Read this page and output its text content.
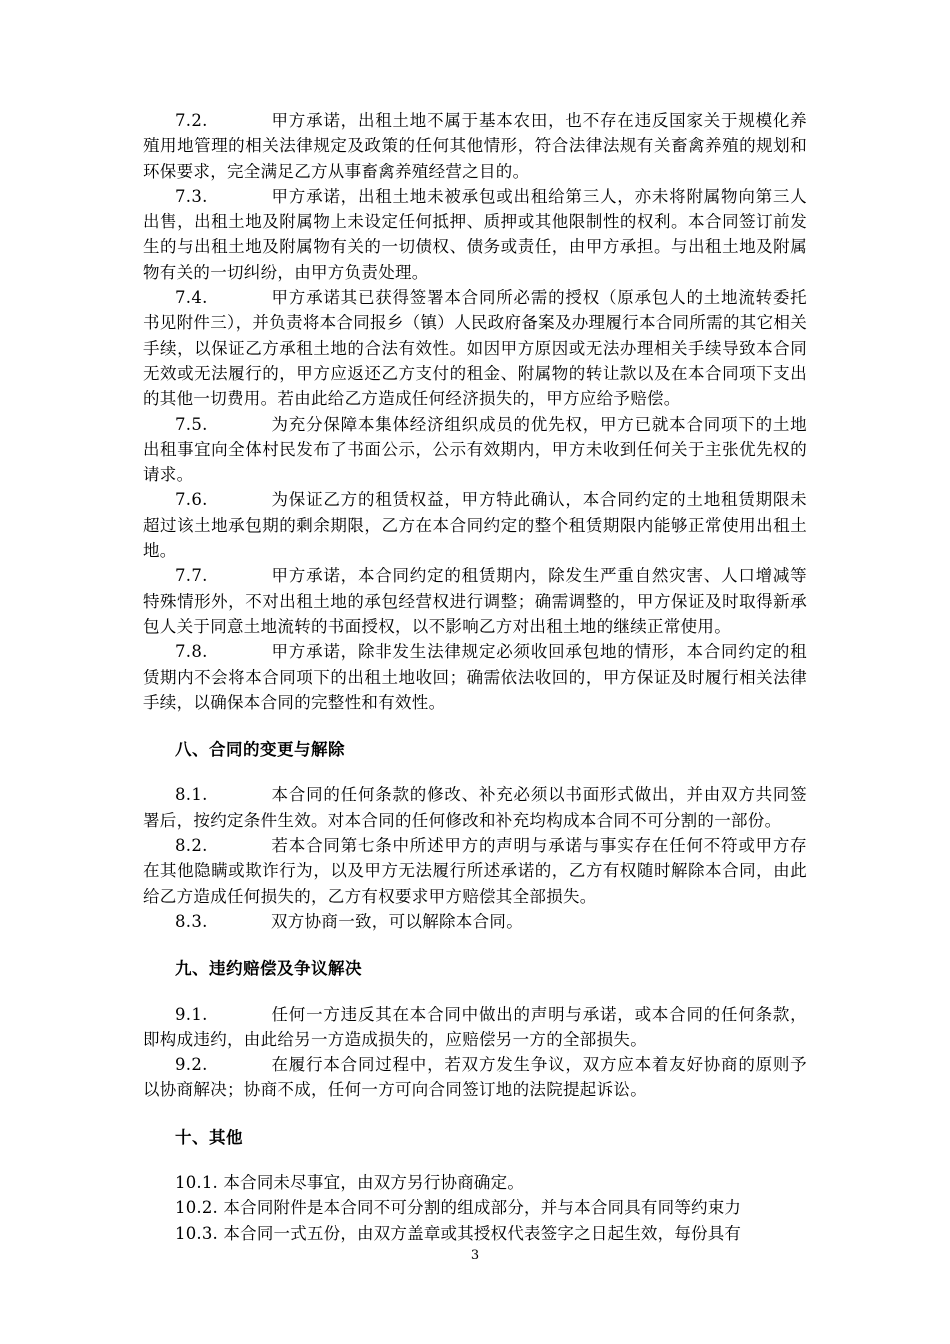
7.2.	甲方承诺，出租土地不属于基本农田，也不存在违反国家关于规模化养殖用地管理的相关法律规定及政策的任何其他情形，符合法律法规有关畜禽养殖的规划和环保要求，完全满足乙方从事畜禽养殖经营之目的。

7.3.	甲方承诺，出租土地未被承包或出租给第三人，亦未将附属物向第三人出售，出租土地及附属物上未设定任何抵押、质押或其他限制性的权利。本合同签订前发生的与出租土地及附属物有关的一切债权、债务或责任，由甲方承担。与出租土地及附属物有关的一切纠纷，由甲方负责处理。

7.4.	甲方承诺其已获得签署本合同所必需的授权（原承包人的土地流转委托书见附件三），并负责将本合同报乡（镇）人民政府备案及办理履行本合同所需的其它相关手续，以保证乙方承租土地的合法有效性。如因甲方原因或无法办理相关手续导致本合同无效或无法履行的，甲方应返还乙方支付的租金、附属物的转让款以及在本合同项下支出的其他一切费用。若由此给乙方造成任何经济损失的，甲方应给予赔偿。

7.5.	为充分保障本集体经济组织成员的优先权，甲方已就本合同项下的土地出租事宜向全体村民发布了书面公示，公示有效期内，甲方未收到任何关于主张优先权的请求。

7.6.	为保证乙方的租赁权益，甲方特此确认，本合同约定的土地租赁期限未超过该土地承包期的剩余期限，乙方在本合同约定的整个租赁期限内能够正常使用出租土地。

7.7.	甲方承诺，本合同约定的租赁期内，除发生严重自然灾害、人口增减等特殊情形外，不对出租土地的承包经营权进行调整；确需调整的，甲方保证及时取得新承包人关于同意土地流转的书面授权，以不影响乙方对出租土地的继续正常使用。

7.8.	甲方承诺，除非发生法律规定必须收回承包地的情形，本合同约定的租赁期内不会将本合同项下的出租土地收回；确需依法收回的，甲方保证及时履行相关法律手续，以确保本合同的完整性和有效性。

八、合同的变更与解除

8.1.	本合同的任何条款的修改、补充必须以书面形式做出，并由双方共同签署后，按约定条件生效。对本合同的任何修改和补充均构成本合同不可分割的一部份。

8.2.	若本合同第七条中所述甲方的声明与承诺与事实存在任何不符或甲方存在其他隐瞒或欺诈行为，以及甲方无法履行所述承诺的，乙方有权随时解除本合同，由此给乙方造成任何损失的，乙方有权要求甲方赔偿其全部损失。

8.3.	双方协商一致，可以解除本合同。

九、违约赔偿及争议解决

9.1.	任何一方违反其在本合同中做出的声明与承诺，或本合同的任何条款，即构成违约，由此给另一方造成损失的，应赔偿另一方的全部损失。

9.2.	在履行本合同过程中，若双方发生争议，双方应本着友好协商的原则予以协商解决；协商不成，任何一方可向合同签订地的法院提起诉讼。

十、其他

10.1. 本合同未尽事宜，由双方另行协商确定。

10.2. 本合同附件是本合同不可分割的组成部分，并与本合同具有同等约束力

10.3. 本合同一式五份，由双方盖章或其授权代表签字之日起生效，每份具有

3
